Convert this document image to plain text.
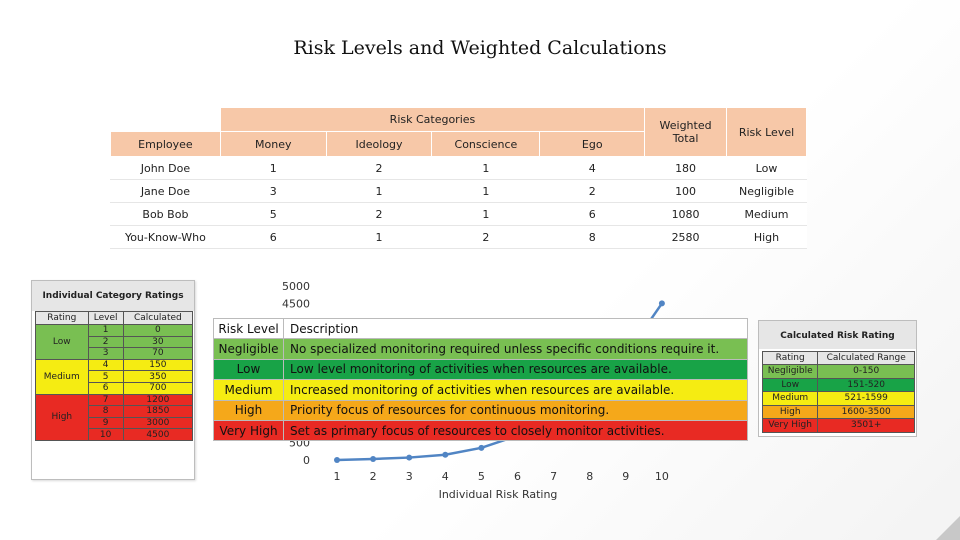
Risk Levels and Weighted Calculations
	Risk Categories				Weighted Total	Risk Level
Employee	Money	Ideology	Conscience	Ego		
John Doe	1	2	1	4	180	Low
Jane Doe	3	1	1	2	100	Negligible
Bob Bob	5	2	1	6	1080	Medium
You-Know-Who	6	1	2	8	2580	High
Individual Category Ratings
Rating	Level	Calculated
Low	1	0
	2	30
	3	70
Medium	4	150
	5	350
	6	700
High	7	1200
	8	1850
	9	3000
	10	4500
5000
4500
500
0
1	2	3	4	5	6	7	8	9 10
Individual Risk Rating
Risk Level	Description
Negligible	No specialized monitoring required unless specific conditions require it.
Low	Low level monitoring of activities when resources are available.
Medium	Increased monitoring of activities when resources are available.
High	Priority focus of resources for continuous monitoring.
Very High	Set as primary focus of resources to closely monitor activities.
Calculated Risk Rating
Rating	Calculated Range
Negligible	0-150
Low	151-520
Medium	521-1599
High	1600-3500
Very High	3501+
